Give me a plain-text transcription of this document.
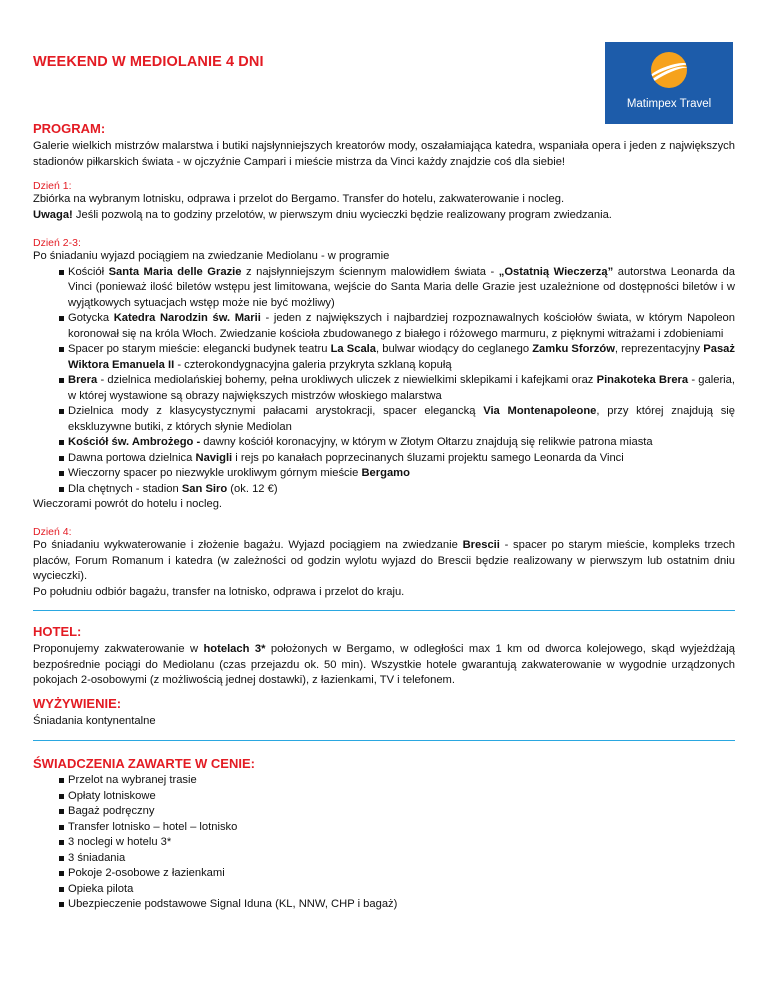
WEEKEND W MEDIOLANIE 4 DNI
Matimpex Travel
PROGRAM:

Galerie wielkich mistrzów malarstwa i butiki najsłynniejszych kreatorów mody, oszałamiająca katedra, wspaniała opera i jeden z największych stadionów piłkarskich świata - w ojczyźnie Campari i mieście mistrza da Vinci każdy znajdzie coś dla siebie!

Dzień 1:

Zbiórka na wybranym lotnisku, odprawa i przelot do Bergamo. Transfer do hotelu, zakwaterowanie i nocleg.

Uwaga! Jeśli pozwolą na to godziny przelotów, w pierwszym dniu wycieczki będzie realizowany program zwiedzania.

Dzień 2-3:

Po śniadaniu wyjazd pociągiem na zwiedzanie Mediolanu - w programie

Kościół Santa Maria delle Grazie z najsłynniejszym ściennym malowidłem świata - „Ostatnią Wieczerzą” autorstwa Leonarda da Vinci (ponieważ ilość biletów wstępu jest limitowana, wejście do Santa Maria delle Grazie jest uzależnione od dostępności biletów i w wyjątkowych sytuacjach wstęp może nie być możliwy)
Gotycka Katedra Narodzin św. Marii - jeden z największych i najbardziej rozpoznawalnych kościołów świata, w którym Napoleon koronował się na króla Włoch. Zwiedzanie kościoła zbudowanego z białego i różowego marmuru, z pięknymi witrażami i zdobieniami
Spacer po starym mieście: elegancki budynek teatru La Scala, bulwar wiodący do ceglanego Zamku Sforzów, reprezentacyjny Pasaż Wiktora Emanuela II - czterokondygnacyjna galeria przykryta szklaną kopułą
Brera - dzielnica mediolańskiej bohemy, pełna urokliwych uliczek z niewielkimi sklepikami i kafejkami oraz Pinakoteka Brera - galeria, w której wystawione są obrazy największych mistrzów włoskiego malarstwa
Dzielnica mody z klasycystycznymi pałacami arystokracji, spacer elegancką Via Montenapoleone, przy której znajdują się ekskluzywne butiki, z których słynie Mediolan
Kościół św. Ambrożego - dawny kościół koronacyjny, w którym w Złotym Ołtarzu znajdują się relikwie patrona miasta
Dawna portowa dzielnica Navigli i rejs po kanałach poprzecinanych śluzami projektu samego Leonarda da Vinci
Wieczorny spacer po niezwykle urokliwym górnym mieście Bergamo
Dla chętnych - stadion San Siro (ok. 12 €)

Wieczorami powrót do hotelu i nocleg.

Dzień 4:

Po śniadaniu wykwaterowanie i złożenie bagażu. Wyjazd pociągiem na zwiedzanie Brescii - spacer po starym mieście, kompleks trzech placów, Forum Romanum i katedra (w zależności od godzin wylotu wyjazd do Brescii będzie realizowany w pierwszym lub ostatnim dniu wycieczki).

Po południu odbiór bagażu, transfer na lotnisko, odprawa i przelot do kraju.

HOTEL:

Proponujemy zakwaterowanie w hotelach 3* położonych w Bergamo, w odległości max 1 km od dworca kolejowego, skąd wyjeżdżają bezpośrednie pociągi do Mediolanu (czas przejazdu ok. 50 min). Wszystkie hotele gwarantują zakwaterowanie w wygodnie urządzonych pokojach 2-osobowymi (z możliwością jednej dostawki), z łazienkami, TV i telefonem.

WYŻYWIENIE:

Śniadania kontynentalne

ŚWIADCZENIA ZAWARTE W CENIE:
Przelot na wybranej trasie
Opłaty lotniskowe
Bagaż podręczny
Transfer lotnisko – hotel – lotnisko
3 noclegi w hotelu 3*
3 śniadania
Pokoje 2-osobowe z łazienkami
Opieka pilota
Ubezpieczenie podstawowe Signal Iduna (KL, NNW, CHP i bagaż)
